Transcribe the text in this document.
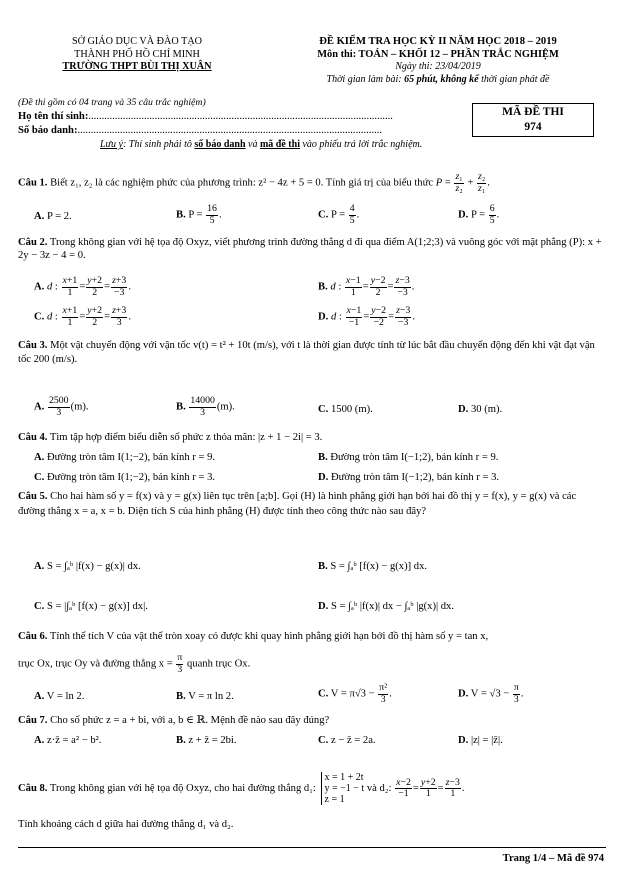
SỞ GIÁO DỤC VÀ ĐÀO TẠO
THÀNH PHỐ HỒ CHÍ MINH
TRƯỜNG THPT BÙI THỊ XUÂN
ĐỀ KIỂM TRA HỌC KỲ II NĂM HỌC 2018 – 2019
Môn thi: TOÁN – KHỐI 12 – PHẦN TRẮC NGHIỆM
Ngày thi: 23/04/2019
Thời gian làm bài: 65 phút, không kể thời gian phát đề
MÃ ĐỀ THI
974
(Đề thi gồm có 04 trang và 35 câu trắc nghiệm)
Họ tên thí sinh:...................................................................................................................
Số báo danh:...................................................................................................................
Lưu ý: Thí sinh phải tô số báo danh và mã đề thi vào phiếu trả lời trắc nghiệm.
Câu 1. Biết z₁, z₂ là các nghiệm phức của phương trình: z² − 4z + 5 = 0. Tính giá trị của biểu thức $P = \frac{\text{z₁}}{\text{z₂}} + \frac{\text{z₂}}{\text{z₁}}$ .
A. P = 2.	B. $P = \frac{16}{5}$ .	C. $P = \frac{4}{5}$ .	D. $P = \frac{6}{5}$ .
Câu 2. Trong không gian với hệ tọa độ Oxyz, viết phương trình đường thẳng d đi qua điểm A(1;2;3) và vuông góc với mặt phẳng (P): x + 2y − 3z − 4 = 0.
A. d : $\frac{x+1}{1} = \frac{y+2}{2} = \frac{z+3}{-3}$ .	B. d : $\frac{x-1}{1} = \frac{y-2}{2} = \frac{z-3}{-3}$ .
C. d : $\frac{x+1}{1} = \frac{y+2}{2} = \frac{z+3}{3}$ .	D. d : $\frac{x-1}{-1} = \frac{y-2}{-2} = \frac{z-3}{-3}$ .
Câu 3. Một vật chuyển động với vận tốc v(t) = t² + 10t (m/s), với t là thời gian được tính từ lúc bắt đầu chuyển động đến khi vật đạt vận tốc 200 (m/s).
A. $\frac{2500}{3} (m)$.	B. $\frac{14000}{3} (m)$.	C. 1500 (m).	D. 30 (m).
Câu 4. Tìm tập hợp điểm biểu diễn số phức z thỏa mãn: |z + 1 − 2i| = 3.
A. Đường tròn tâm I(1;−2), bán kính r = 9.	B. Đường tròn tâm I(−1;2), bán kính r = 9.
C. Đường tròn tâm I(1;−2), bán kính r = 3.	D. Đường tròn tâm I(−1;2), bán kính r = 3.
Câu 5. Cho hai hàm số y = f(x) và y = g(x) liên tục trên [a;b]. Gọi (H) là hình phẳng giới hạn bởi hai đồ thị y = f(x), y = g(x) và các đường thẳng x = a, x = b. Diện tích S của hình phẳng (H) được tính theo công thức nào sau đây?
A. S = ∫ₐᵇ |f(x) − g(x)| dx.	B. S = ∫ₐᵇ [f(x) − g(x)] dx.
C. S = |∫ₐᵇ [f(x) − g(x)] dx|.	D. S = ∫ₐᵇ |f(x)| dx − ∫ₐᵇ |g(x)| dx.
Câu 6. Tính thể tích V của vật thể tròn xoay có được khi quay hình phẳng giới hạn bởi đồ thị hàm số y = tan x,
trục Ox, trục Oy và đường thẳng $x = \frac{\pi}{3}$ quanh trục Ox.
A. V = ln 2.	B. V = π ln 2.	C. $V = \pi√3 - \frac{\text{π²}}{3}$ .	D. $V = √3 - \frac{\pi}{3}$ .
Câu 7. Cho số phức z = a + bi, với a, b ∈ ℝ. Mệnh đề nào sau đây đúng?
A. z·z̄ = a² − b².	B. z + z̄ = 2bi.	C. z − z̄ = 2a.	D. |z| = |z̄|.
Câu 8. Trong không gian với hệ tọa độ Oxyz, cho hai đường thẳng d₁:
x = 1 + 2t
y = −1 − t
z = 1
và d₂: $\frac{x-2}{-1} = \frac{y+2}{1} = \frac{z-3}{1}$ .
Tính khoảng cách d giữa hai đường thẳng d₁ và d₂.
Trang 1/4 – Mã đề 974
